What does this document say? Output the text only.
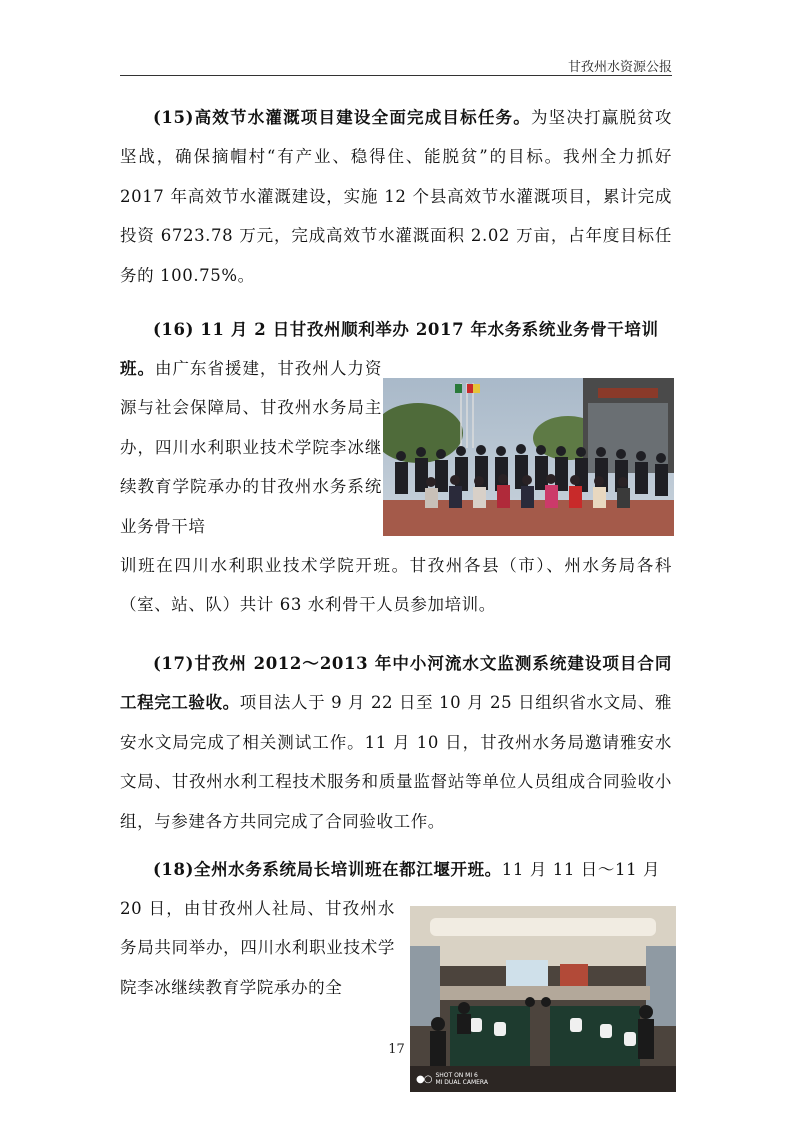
甘孜州水资源公报
(15)高效节水灌溉项目建设全面完成目标任务。为坚决打赢脱贫攻坚战，确保摘帽村“有产业、稳得住、能脱贫”的目标。我州全力抓好 2017 年高效节水灌溉建设，实施 12 个县高效节水灌溉项目，累计完成投资 6723.78 万元，完成高效节水灌溉面积 2.02 万亩，占年度目标任务的 100.75%。
(16) 11 月 2 日甘孜州顺利举办 2017 年水务系统业务骨干培训
班。由广东省援建，甘孜州人力资源与社会保障局、甘孜州水务局主办，四川水利职业技术学院李冰继续教育学院承办的甘孜州水务系统业务骨干培
训班在四川水利职业技术学院开班。甘孜州各县（市）、州水务局各科（室、站、队）共计 63 水利骨干人员参加培训。
(17)甘孜州 2012～2013 年中小河流水文监测系统建设项目合同工程完工验收。项目法人于 9 月 22 日至 10 月 25 日组织省水文局、雅安水文局完成了相关测试工作。11 月 10 日，甘孜州水务局邀请雅安水文局、甘孜州水利工程技术服务和质量监督站等单位人员组成合同验收小组，与参建各方共同完成了合同验收工作。
(18)全州水务系统局长培训班在都江堰开班。11 月 11 日～11 月
20 日，由甘孜州人社局、甘孜州水务局共同举办，四川水利职业技术学院李冰继续教育学院承办的全
●○ SHOT ON MI 6
MI DUAL CAMERA
17
